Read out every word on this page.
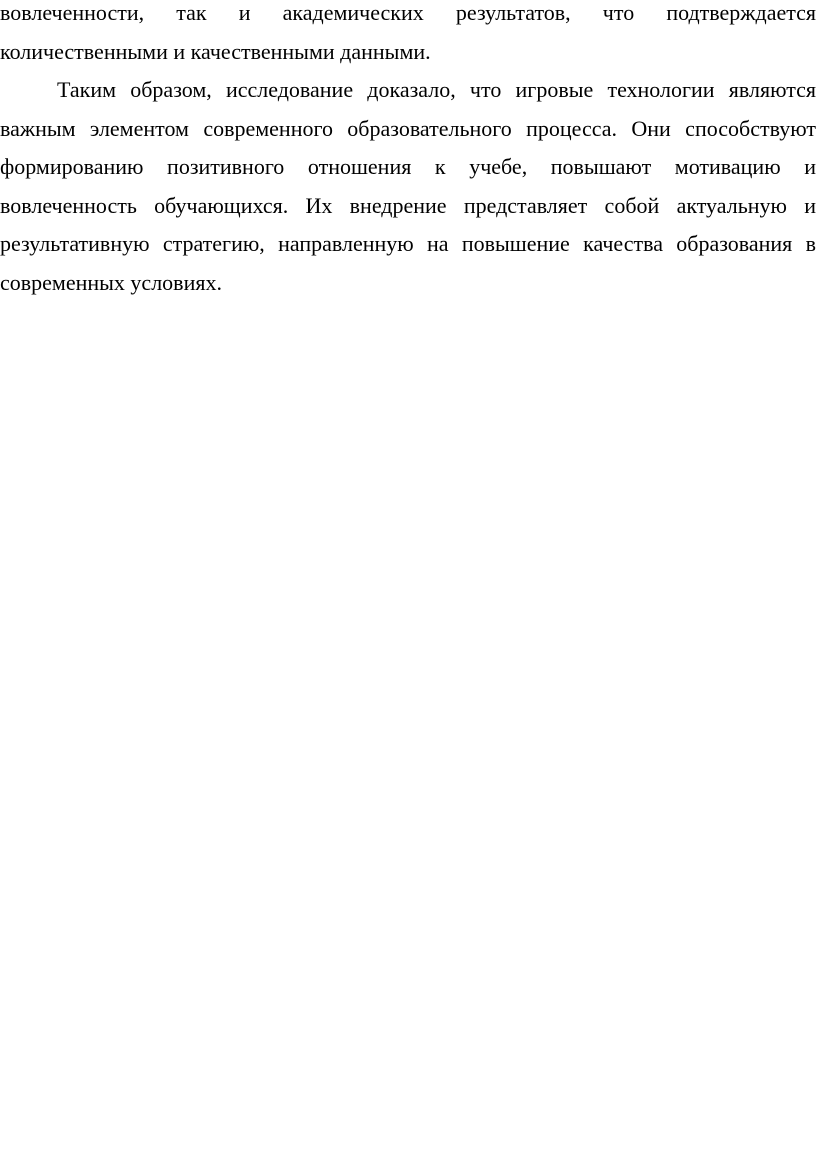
вовлеченности, так и академических результатов, что подтверждается
количественными и качественными данными.
Таким образом, исследование доказало, что игровые технологии являются
важным элементом современного образовательного процесса. Они способствуют
формированию позитивного отношения к учебе, повышают мотивацию и
вовлеченность обучающихся. Их внедрение представляет собой актуальную и
результативную стратегию, направленную на повышение качества образования в
современных условиях.
